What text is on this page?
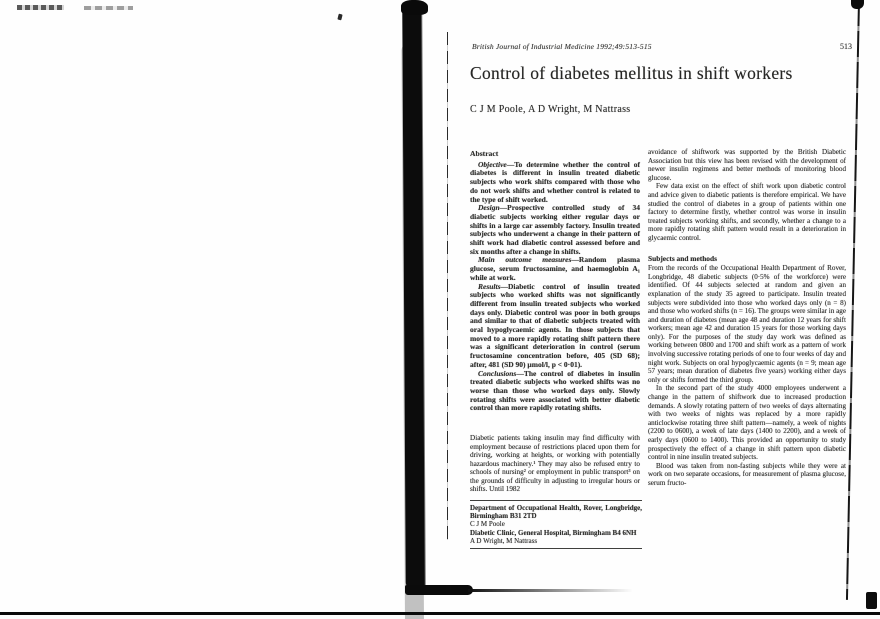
British Journal of Industrial Medicine 1992;49:513-515	513
Control of diabetes mellitus in shift workers
C J M Poole, A D Wright, M Nattrass
Abstract

Objective—To determine whether the control of diabetes is different in insulin treated diabetic subjects who work shifts compared with those who do not work shifts and whether control is related to the type of shift worked.

Design—Prospective controlled study of 34 diabetic subjects working either regular days or shifts in a large car assembly factory. Insulin treated subjects who underwent a change in their pattern of shift work had diabetic control assessed before and six months after a change in shifts.

Main outcome measures—Random plasma glucose, serum fructosamine, and haemoglobin A₁ while at work.

Results—Diabetic control of insulin treated subjects who worked shifts was not significantly different from insulin treated subjects who worked days only. Diabetic control was poor in both groups and similar to that of diabetic subjects treated with oral hypoglycaemic agents. In those subjects that moved to a more rapidly rotating shift pattern there was a significant deterioration in control (serum fructosamine concentration before, 405 (SD 68); after, 481 (SD 90) µmol/l, p < 0·01).

Conclusions—The control of diabetes in insulin treated diabetic subjects who worked shifts was no worse than those who worked days only. Slowly rotating shifts were associated with better diabetic control than more rapidly rotating shifts.

Diabetic patients taking insulin may find difficulty with employment because of restrictions placed upon them for driving, working at heights, or working with potentially hazardous machinery.¹ They may also be refused entry to schools of nursing² or employment in public transport³ on the grounds of difficulty in adjusting to irregular hours or shifts. Until 1982

Department of Occupational Health, Rover, Longbridge, Birmingham B31 2TD

C J M Poole

Diabetic Clinic, General Hospital, Birmingham B4 6NH

A D Wright, M Nattrass

avoidance of shiftwork was supported by the British Diabetic Association but this view has been revised with the development of newer insulin regimens and better methods of monitoring blood glucose.

Few data exist on the effect of shift work upon diabetic control and advice given to diabetic patients is therefore empirical. We have studied the control of diabetes in a group of patients within one factory to determine firstly, whether control was worse in insulin treated subjects working shifts, and secondly, whether a change to a more rapidly rotating shift pattern would result in a deterioration in glycaemic control.

Subjects and methods

From the records of the Occupational Health Department of Rover, Longbridge, 48 diabetic subjects (0·5% of the workforce) were identified. Of 44 subjects selected at random and given an explanation of the study 35 agreed to participate. Insulin treated subjects were subdivided into those who worked days only (n = 8) and those who worked shifts (n = 16). The groups were similar in age and duration of diabetes (mean age 48 and duration 12 years for shift workers; mean age 42 and duration 15 years for those working days only). For the purposes of the study day work was defined as working between 0800 and 1700 and shift work as a pattern of work involving successive rotating periods of one to four weeks of day and night work. Subjects on oral hypoglycaemic agents (n = 9; mean age 57 years; mean duration of diabetes five years) working either days only or shifts formed the third group.

In the second part of the study 4000 employees underwent a change in the pattern of shiftwork due to increased production demands. A slowly rotating pattern of two weeks of days alternating with two weeks of nights was replaced by a more rapidly anticlockwise rotating three shift pattern—namely, a week of nights (2200 to 0600), a week of late days (1400 to 2200), and a week of early days (0600 to 1400). This provided an opportunity to study prospectively the effect of a change in shift pattern upon diabetic control in nine insulin treated subjects.

Blood was taken from non-fasting subjects while they were at work on two separate occasions, for measurement of plasma glucose, serum fructo-
